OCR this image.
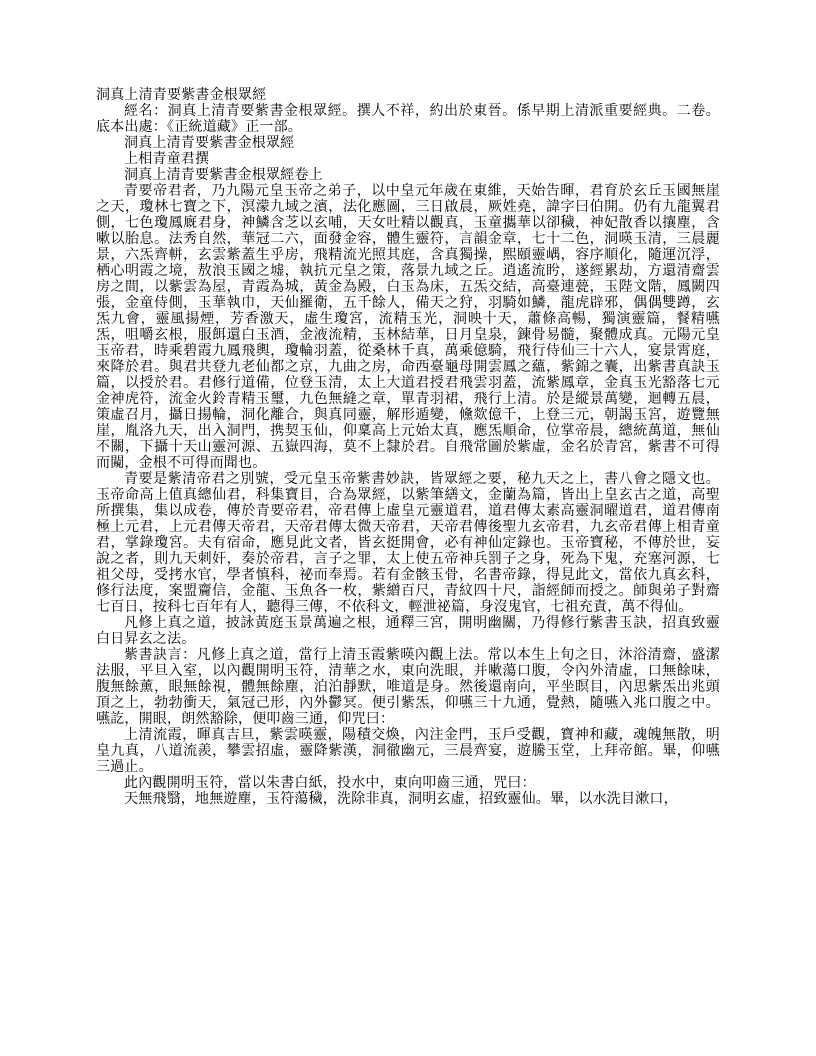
洞真上清青要紫書金根眾經

經名：洞真上清青要紫書金根眾經。撰人不祥，約出於東晉。係早期上清派重要經典。二卷。底本出處：《正統道藏》正一部。

洞真上清青要紫書金根眾經

上相青童君撰

洞真上清青要紫書金根眾經卷上

青要帝君者，乃九陽元皇玉帝之弟子，以中皇元年歲在東維，天始告暉，君育於玄丘玉國無崖之天，瓊林七寶之下，溟濛九域之濱，法化應圖，三日啟晨，厥姓堯，諱字曰伯開。仍有九龍翼君側，七色瓊鳳廐君身，神鱗含芝以玄哺，天女吐精以觀真，玉童攜華以卻穢，神妃散香以攘塵，含嗽以胎息。法秀自然，華冠二六，面發金容，體生靈符，言韻金章，七十二色，洞暎玉清，三晨麗景，六炁齊軿，玄雲紫蓋生乎房，飛精流光照其庭，含真獨操，熙頤靈嵎，容序順化，隨運沉浮，栖心明霞之境，敖浪玉國之墟，執抗元皇之策，落景九域之丘。逍遙流盻，遂經累劫，方還清齋雲房之間，以紫雲為屋，青霞為城，黃金為殿，白玉為床，五炁交結，高臺連甍，玉陛文階，鳳闕四張，金童侍側，玉華執巾，天仙羅衛，五千餘人，備天之狩，羽騎如鱗，龍虎辟邪，偶偶雙蹲，玄炁九會，靈風揚煙，芳香激天，虛生瓊宮，流精玉光，洞映十天，蕭條高暢，獨演靈篇，餐精嚥炁，咀嚼玄根，服餌還白玉酒，金液流精，玉林結華，日月皇泉，鍊骨易髓，聚體成真。元陽元皇玉帝君，時乘碧霞九鳳飛輿，瓊輪羽蓋，從桑林千真，萬乘億騎，飛行侍仙三十六人，宴景霄庭，來降於君。與君共登九老仙都之京，九曲之房，命西臺龜母開雲鳳之蘊，紫錦之囊，出紫書真訣玉篇，以授於君。君修行道備，位登玉清，太上大道君授君飛雲羽蓋，流紫鳳章，金真玉光豁落七元金神虎符，流金火鈴青精玉璽，九色無縫之章，單青羽裙，飛行上清。於是縱景萬變，迴轉五晨，策虛召月，攝日揚輪，洞化離合，與真同靈，解形遁變，儵欻億千，上登三元，朝謁玉宮，遊覽無崖，胤洛九天，出入洞門，携契玉仙，仰稟高上元始太真，應炁順命，位掌帝晨，總統萬道，無仙不關，下攝十天山靈河源、五嶽四海，莫不上隸於君。自飛常圖於紫虛，金名於青宮，紫書不可得而闚，金根不可得而聞也。

青要是紫清帝君之別號，受元皇玉帝紫書妙訣，皆眾經之要，秘九天之上，書八會之隱文也。玉帝命高上值真總仙君，科集寶目，合為眾經，以紫筆繕文，金蘭為篇，皆出上皇玄古之道，高聖所撰集，集以成卷，傳於青要帝君，帝君傳上虛皇元靈道君，道君傳太素高靈洞曜道君，道君傳南極上元君，上元君傳天帝君，天帝君傳太微天帝君，天帝君傳後聖九玄帝君，九玄帝君傳上相青童君，掌錄瓊宮。夫有宿命，應見此文者，皆玄挺開會，必有神仙定錄也。玉帝寶秘，不傳於世，妄說之者，則九天刺奸，奏於帝君，言子之罪，太上使五帝神兵罰子之身，死為下鬼，充塞河源，七祖父母，受拷水官，學者慎科，祕而奉焉。若有金骸玉骨，名書帝錄，得見此文，當依九真玄科，修行法度，案盟齎信，金龍、玉魚各一枚，紫繒百尺，青紋四十尺，詣經師而授之。師與弟子對齋七百日，按科七百年有人，聽得三傳，不依科文，輕泄祕篇，身沒鬼官，七祖充責，萬不得仙。

凡修上真之道，披詠黃庭玉景萬遍之根，通釋三宮，開明幽關，乃得修行紫書玉訣，招真致靈白日昇玄之法。

紫書訣言：凡修上真之道，當行上清玉霞紫暎內觀上法。常以本生上旬之日，沐浴清齋，盛潔法服，平旦入室，以內觀開明玉符，清華之水，東向洗眼，并嗽蕩口腹，令內外清虛，口無餘味，腹無餘薰，眼無餘視，體無餘塵，泊泊靜默，唯道是身。然後還南向，平坐瞑目，內思紫炁出兆頭頂之上，勃勃衝天，氣冠己形，內外鬱冥。便引紫炁，仰嚥三十九通，覺熱，隨嚥入兆口腹之中。嚥訖，開眼，朗然豁除，便叩齒三通，仰咒曰：

上清流霞，暉真吉旦，紫雲暎靈，陽積交煥，內注金門，玉戶受觀，寶神和藏，魂魄無散，明皇九真，八道流羨，攀雲招虛，靈降紫漢，洞徹幽元，三晨齊宴，遊騰玉堂，上拜帝館。畢，仰嚥三過止。

此內觀開明玉符，當以朱書白紙，投水中，東向叩齒三通，咒曰：

天無飛翳，地無遊塵，玉符蕩穢，洗除非真，洞明玄虛，招致靈仙。畢，以水洗目漱口，
